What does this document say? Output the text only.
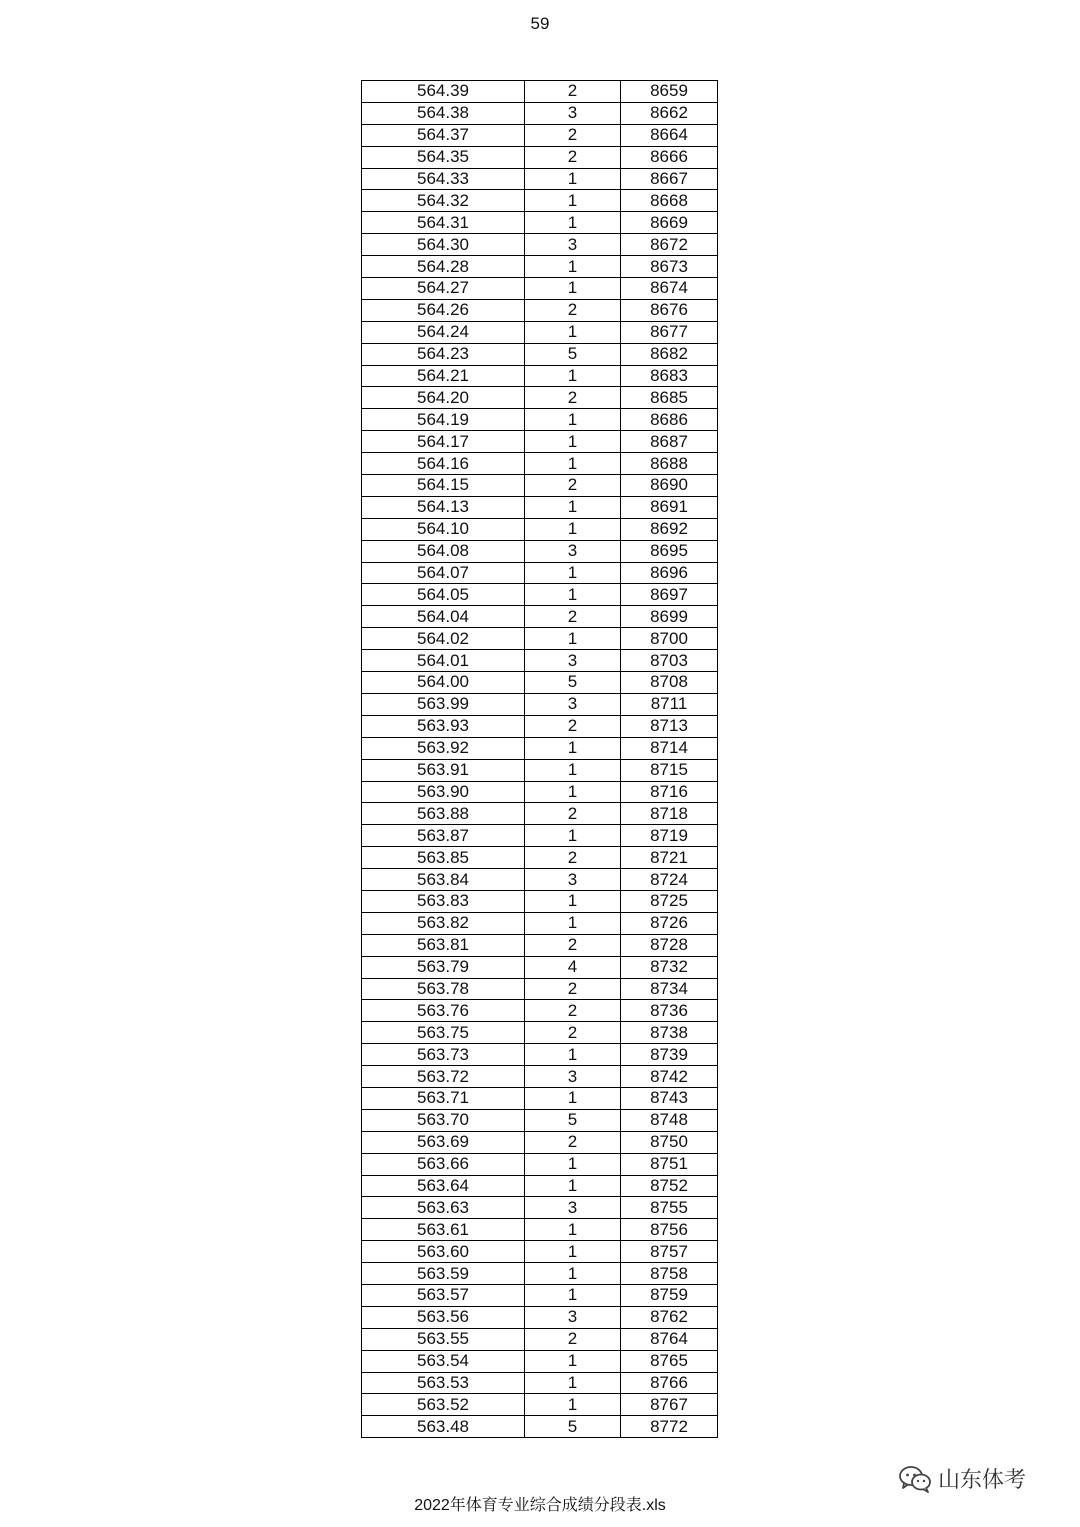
59
564.39	2	8659
564.38	3	8662
564.37	2	8664
564.35	2	8666
564.33	1	8667
564.32	1	8668
564.31	1	8669
564.30	3	8672
564.28	1	8673
564.27	1	8674
564.26	2	8676
564.24	1	8677
564.23	5	8682
564.21	1	8683
564.20	2	8685
564.19	1	8686
564.17	1	8687
564.16	1	8688
564.15	2	8690
564.13	1	8691
564.10	1	8692
564.08	3	8695
564.07	1	8696
564.05	1	8697
564.04	2	8699
564.02	1	8700
564.01	3	8703
564.00	5	8708
563.99	3	8711
563.93	2	8713
563.92	1	8714
563.91	1	8715
563.90	1	8716
563.88	2	8718
563.87	1	8719
563.85	2	8721
563.84	3	8724
563.83	1	8725
563.82	1	8726
563.81	2	8728
563.79	4	8732
563.78	2	8734
563.76	2	8736
563.75	2	8738
563.73	1	8739
563.72	3	8742
563.71	1	8743
563.70	5	8748
563.69	2	8750
563.66	1	8751
563.64	1	8752
563.63	3	8755
563.61	1	8756
563.60	1	8757
563.59	1	8758
563.57	1	8759
563.56	3	8762
563.55	2	8764
563.54	1	8765
563.53	1	8766
563.52	1	8767
563.48	5	8772
2022年体育专业综合成绩分段表.xls
山东体考
